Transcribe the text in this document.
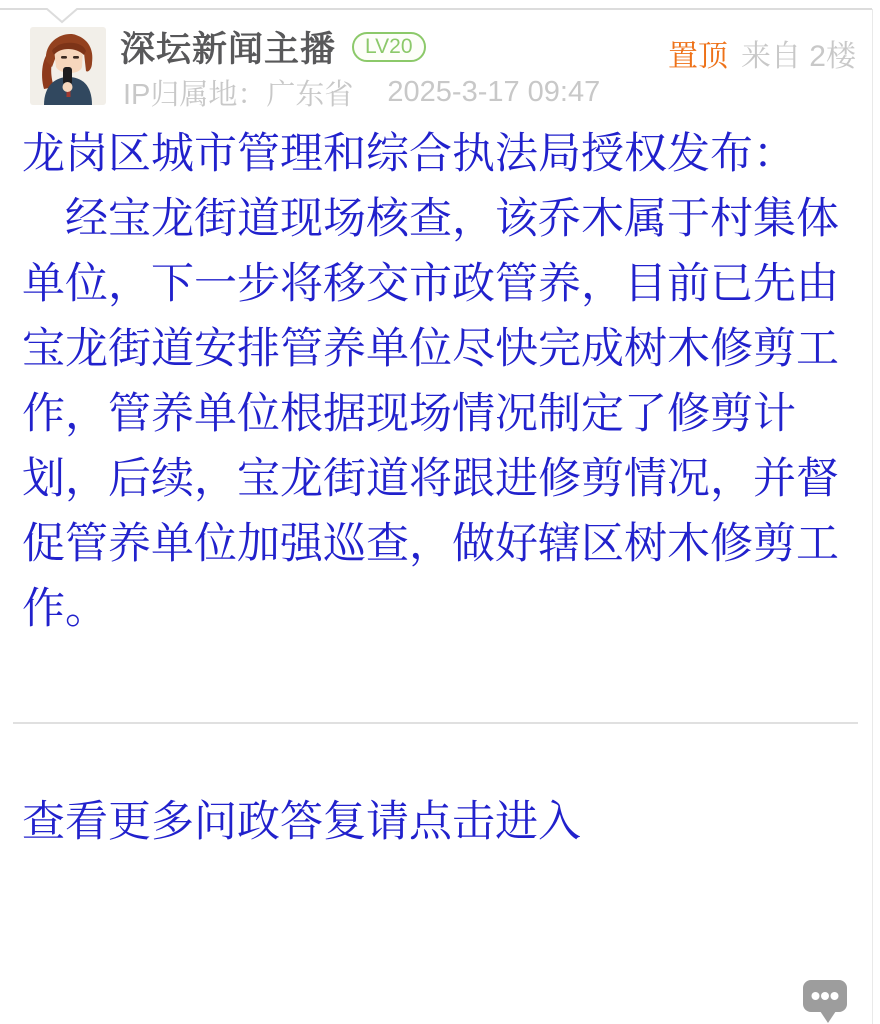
深坛新闻主播	LV20	置顶 来自 2楼
IP归属地：广东省 2025-3-17 09:47

龙岗区城市管理和综合执法局授权发布：

　经宝龙街道现场核查，该乔木属于村集体单位，下一步将移交市政管养，目前已先由宝龙街道安排管养单位尽快完成树木修剪工作，管养单位根据现场情况制定了修剪计划，后续，宝龙街道将跟进修剪情况，并督促管养单位加强巡查，做好辖区树木修剪工作。

查看更多问政答复请点击进入
